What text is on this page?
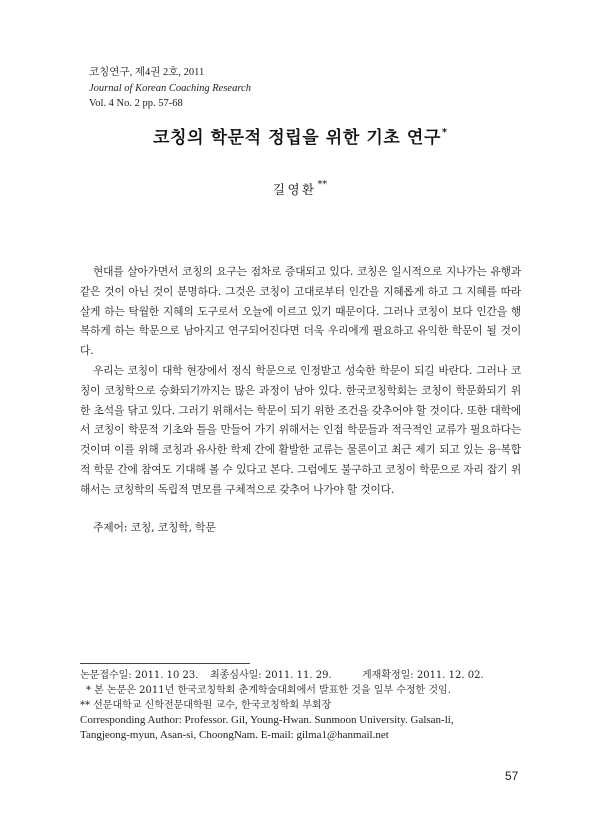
코칭연구, 제4권 2호, 2011
Journal of Korean Coaching Research
Vol. 4 No. 2 pp. 57-68
코칭의 학문적 정립을 위한 기초 연구*
길영환**

현대를 살아가면서 코칭의 요구는 점차로 증대되고 있다. 코칭은 일시적으로 지나가는 유행과 같은 것이 아닌 것이 분명하다. 그것은 코칭이 고대로부터 인간을 지혜롭게 하고 그 지혜를 따라 살게 하는 탁월한 지혜의 도구로서 오늘에 이르고 있기 때문이다. 그러나 코칭이 보다 인간을 행복하게 하는 학문으로 남아지고 연구되어진다면 더욱 우리에게 필요하고 유익한 학문이 될 것이다.

우리는 코칭이 대학 현장에서 정식 학문으로 인정받고 성숙한 학문이 되길 바란다. 그러나 코칭이 코칭학으로 승화되기까지는 많은 과정이 남아 있다. 한국코칭학회는 코칭이 학문화되기 위한 초석을 닦고 있다. 그러기 위해서는 학문이 되기 위한 조건을 갖추어야 할 것이다. 또한 대학에서 코칭이 학문적 기초와 틀을 만들어 가기 위해서는 인접 학문들과 적극적인 교류가 필요하다는 것이며 이를 위해 코칭과 유사한 학제 간에 활발한 교류는 물론이고 최근 제기 되고 있는 융·복합적 학문 간에 참여도 기대해 볼 수 있다고 본다. 그럼에도 불구하고 코칭이 학문으로 자리 잡기 위해서는 코칭학의 독립적 면모를 구체적으로 갖추어 나가야 할 것이다.

주제어: 코칭, 코칭학, 학문
논문접수일: 2011. 10 23.	최종심사일: 2011. 11. 29.	게재확정일: 2011. 12. 02.
* 본 논문은 2011년 한국코칭학회 춘계학술대회에서 발표한 것을 일부 수정한 것임.
** 선문대학교 신학전문대학원 교수, 한국코칭학회 부회장
Corresponding Author: Professor. Gil, Young-Hwan. Sunmoon University. Galsan-li,
Tangjeong-myun, Asan-si, ChoongNam. E-mail: gilma1@hanmail.net
57
